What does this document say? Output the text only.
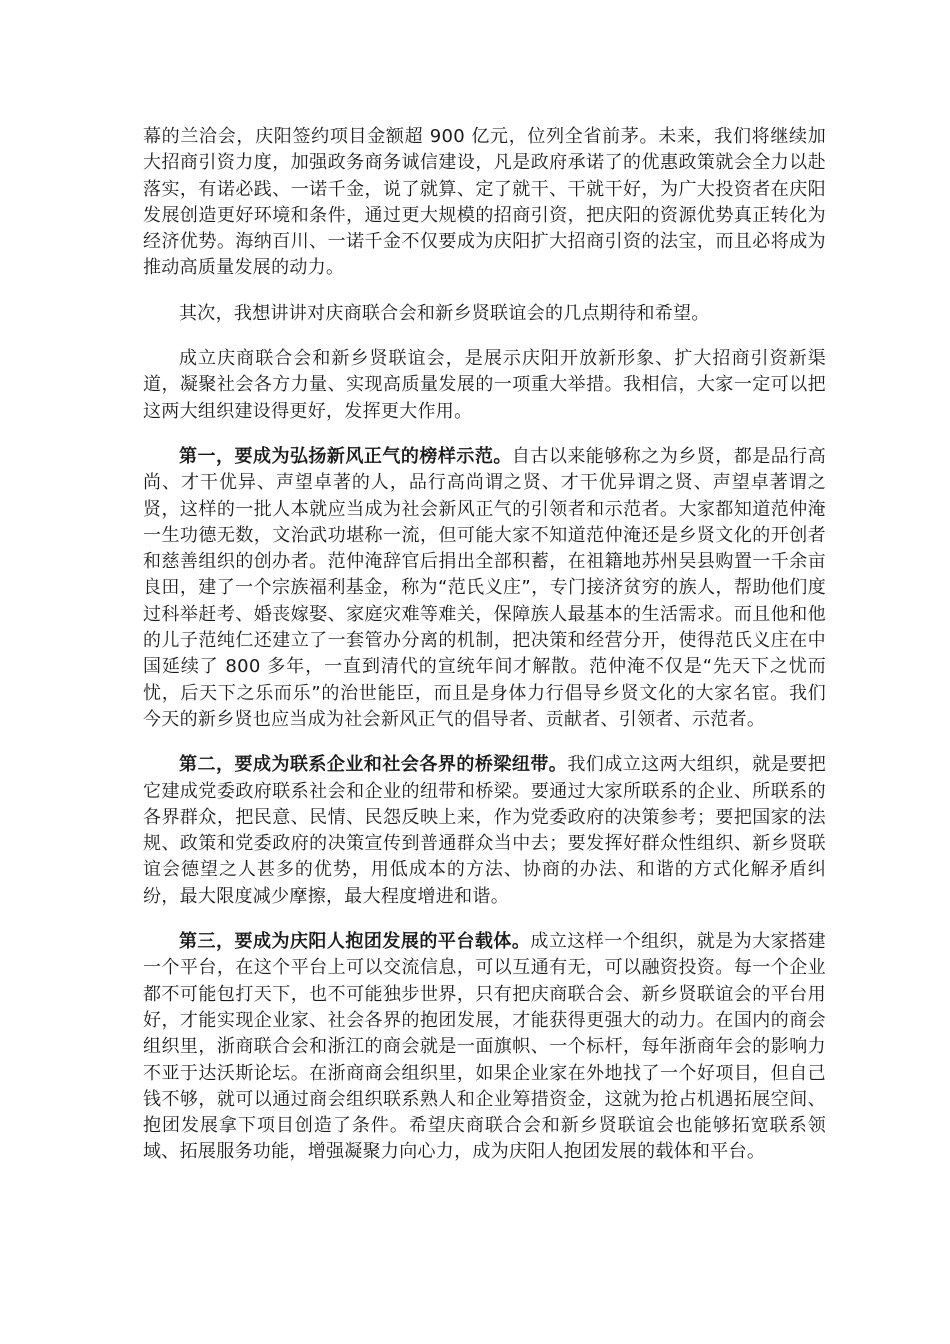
幕的兰洽会，庆阳签约项目金额超 900 亿元，位列全省前茅。未来，我们将继续加大招商引资力度，加强政务商务诚信建设，凡是政府承诺了的优惠政策就会全力以赴落实，有诺必践、一诺千金，说了就算、定了就干、干就干好，为广大投资者在庆阳发展创造更好环境和条件，通过更大规模的招商引资，把庆阳的资源优势真正转化为经济优势。海纳百川、一诺千金不仅要成为庆阳扩大招商引资的法宝，而且必将成为推动高质量发展的动力。

其次，我想讲讲对庆商联合会和新乡贤联谊会的几点期待和希望。

成立庆商联合会和新乡贤联谊会，是展示庆阳开放新形象、扩大招商引资新渠道，凝聚社会各方力量、实现高质量发展的一项重大举措。我相信，大家一定可以把这两大组织建设得更好，发挥更大作用。

第一，要成为弘扬新风正气的榜样示范。自古以来能够称之为乡贤，都是品行高尚、才干优异、声望卓著的人，品行高尚谓之贤、才干优异谓之贤、声望卓著谓之贤，这样的一批人本就应当成为社会新风正气的引领者和示范者。大家都知道范仲淹一生功德无数，文治武功堪称一流，但可能大家不知道范仲淹还是乡贤文化的开创者和慈善组织的创办者。范仲淹辞官后捐出全部积蓄，在祖籍地苏州吴县购置一千余亩良田，建了一个宗族福利基金，称为“范氏义庄”，专门接济贫穷的族人，帮助他们度过科举赶考、婚丧嫁娶、家庭灾难等难关，保障族人最基本的生活需求。而且他和他的儿子范纯仁还建立了一套管办分离的机制，把决策和经营分开，使得范氏义庄在中国延续了 800 多年，一直到清代的宣统年间才解散。范仲淹不仅是“先天下之忧而忧，后天下之乐而乐”的治世能臣，而且是身体力行倡导乡贤文化的大家名宦。我们今天的新乡贤也应当成为社会新风正气的倡导者、贡献者、引领者、示范者。

第二，要成为联系企业和社会各界的桥梁纽带。我们成立这两大组织，就是要把它建成党委政府联系社会和企业的纽带和桥梁。要通过大家所联系的企业、所联系的各界群众，把民意、民情、民怨反映上来，作为党委政府的决策参考；要把国家的法规、政策和党委政府的决策宣传到普通群众当中去；要发挥好群众性组织、新乡贤联谊会德望之人甚多的优势，用低成本的方法、协商的办法、和谐的方式化解矛盾纠纷，最大限度减少摩擦，最大程度增进和谐。

第三，要成为庆阳人抱团发展的平台载体。成立这样一个组织，就是为大家搭建一个平台，在这个平台上可以交流信息，可以互通有无，可以融资投资。每一个企业都不可能包打天下，也不可能独步世界，只有把庆商联合会、新乡贤联谊会的平台用好，才能实现企业家、社会各界的抱团发展，才能获得更强大的动力。在国内的商会组织里，浙商联合会和浙江的商会就是一面旗帜、一个标杆，每年浙商年会的影响力不亚于达沃斯论坛。在浙商商会组织里，如果企业家在外地找了一个好项目，但自己钱不够，就可以通过商会组织联系熟人和企业筹措资金，这就为抢占机遇拓展空间、抱团发展拿下项目创造了条件。希望庆商联合会和新乡贤联谊会也能够拓宽联系领域、拓展服务功能，增强凝聚力向心力，成为庆阳人抱团发展的载体和平台。
